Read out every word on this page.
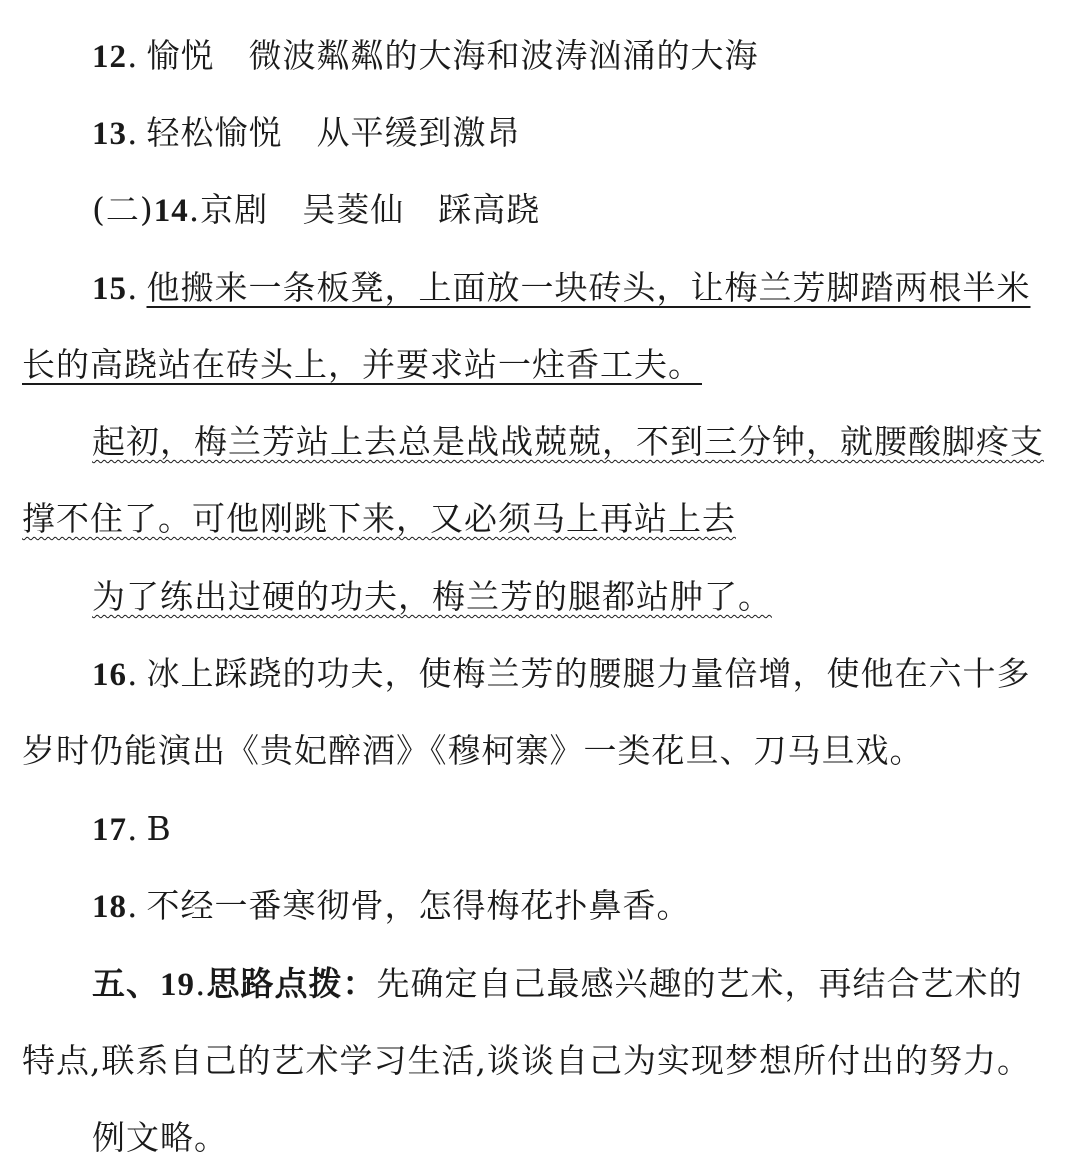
12. 愉悦 微波粼粼的大海和波涛汹涌的大海
13. 轻松愉悦 从平缓到激昂
(二)14.京剧 吴菱仙 踩高跷
15. 他搬来一条板凳，上面放一块砖头，让梅兰芳脚踏两根半米
长的高跷站在砖头上，并要求站一炷香工夫。
起初，梅兰芳站上去总是战战兢兢，不到三分钟，就腰酸脚疼支
撑不住了。可他刚跳下来，又必须马上再站上去
为了练出过硬的功夫，梅兰芳的腿都站肿了。
16. 冰上踩跷的功夫，使梅兰芳的腰腿力量倍增，使他在六十多
岁时仍能演出《贵妃醉酒》《穆柯寨》一类花旦、刀马旦戏。
17. B
18. 不经一番寒彻骨，怎得梅花扑鼻香。
五、19.思路点拨：先确定自己最感兴趣的艺术，再结合艺术的
特点,联系自己的艺术学习生活,谈谈自己为实现梦想所付出的努力。
例文略。
